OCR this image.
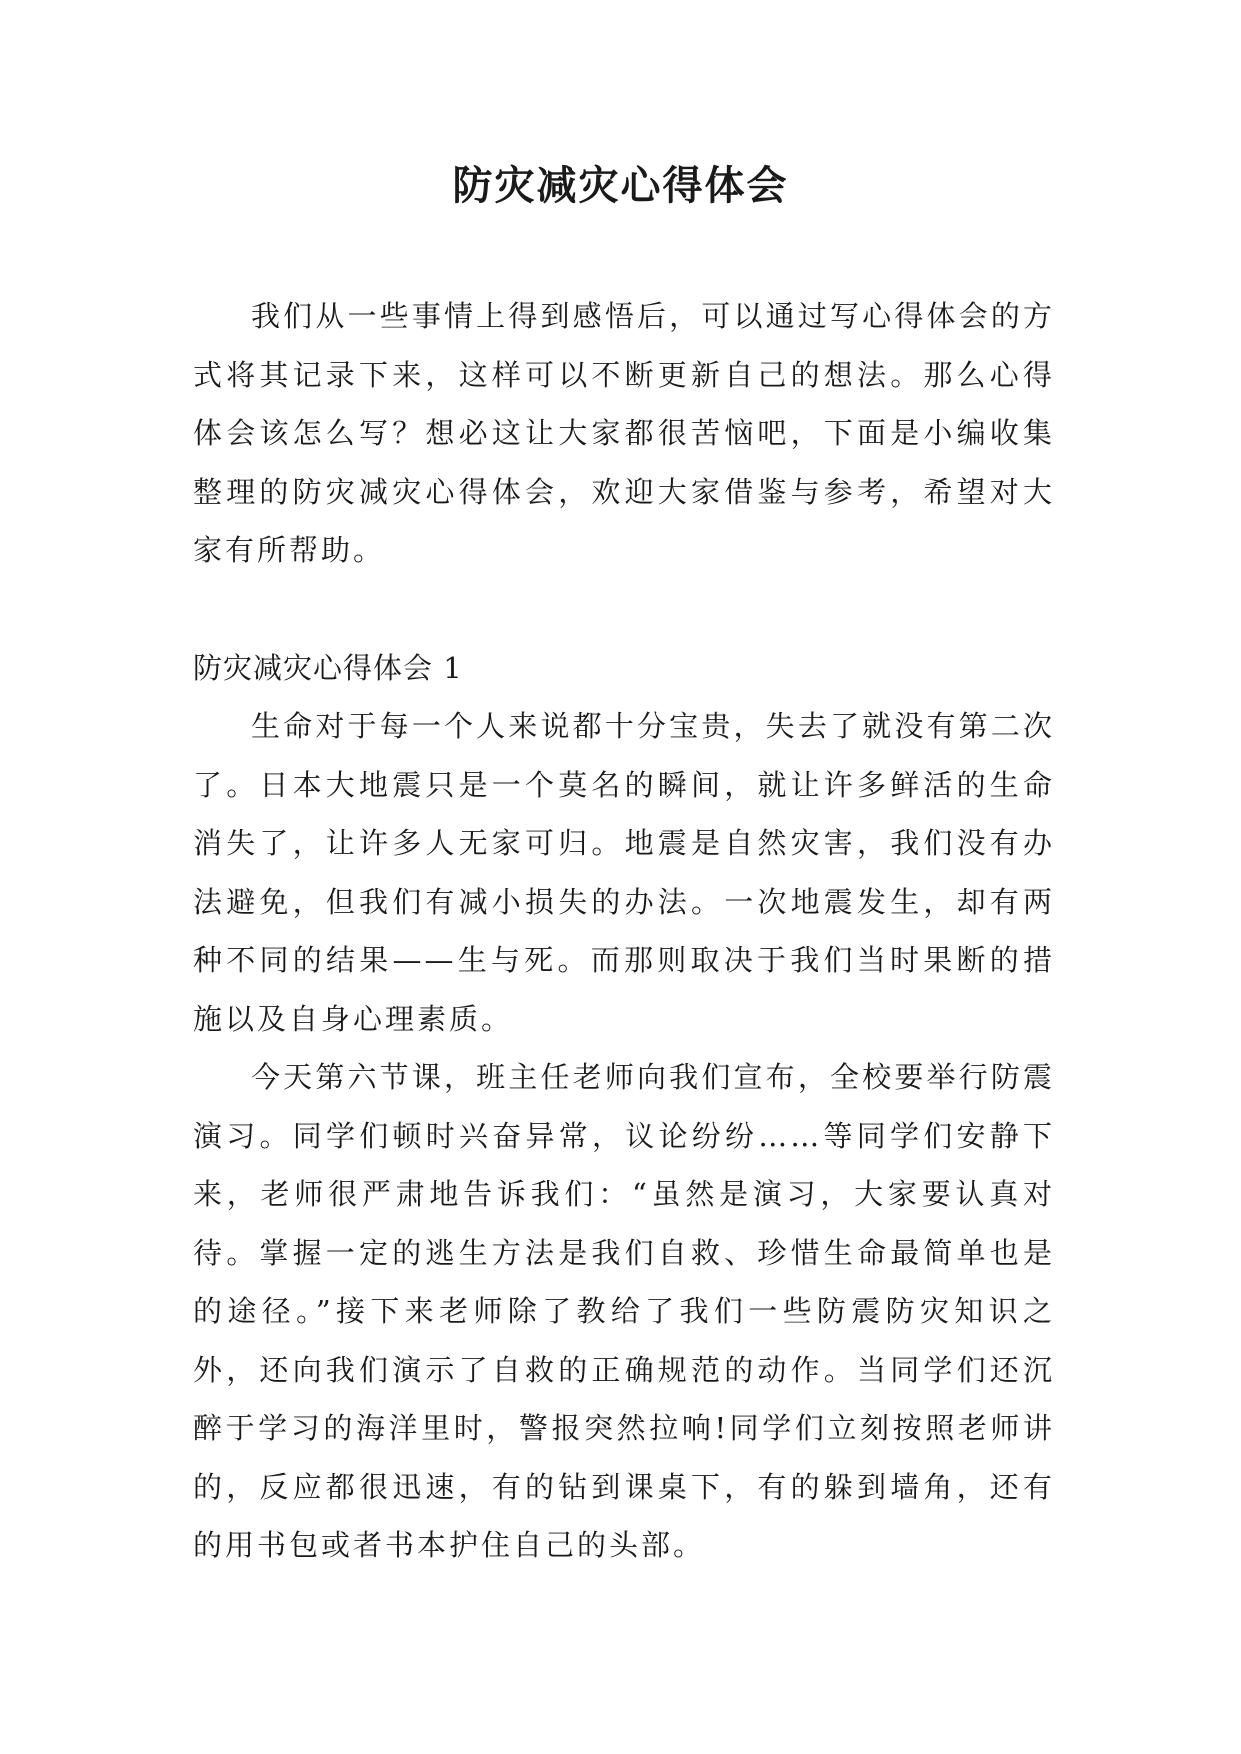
防灾减灾心得体会

我们从一些事情上得到感悟后，可以通过写心得体会的方式将其记录下来，这样可以不断更新自己的想法。那么心得体会该怎么写？想必这让大家都很苦恼吧，下面是小编收集整理的防灾减灾心得体会，欢迎大家借鉴与参考，希望对大家有所帮助。

防灾减灾心得体会 1

生命对于每一个人来说都十分宝贵，失去了就没有第二次了。日本大地震只是一个莫名的瞬间，就让许多鲜活的生命消失了，让许多人无家可归。地震是自然灾害，我们没有办法避免，但我们有减小损失的办法。一次地震发生，却有两种不同的结果——生与死。而那则取决于我们当时果断的措施以及自身心理素质。

今天第六节课，班主任老师向我们宣布，全校要举行防震演习。同学们顿时兴奋异常，议论纷纷……等同学们安静下来，老师很严肃地告诉我们：“虽然是演习，大家要认真对待。掌握一定的逃生方法是我们自救、珍惜生命最简单也是的途径。”接下来老师除了教给了我们一些防震防灾知识之外，还向我们演示了自救的正确规范的动作。当同学们还沉醉于学习的海洋里时，警报突然拉响!同学们立刻按照老师讲的，反应都很迅速，有的钻到课桌下，有的躲到墙角，还有的用书包或者书本护住自己的头部。
